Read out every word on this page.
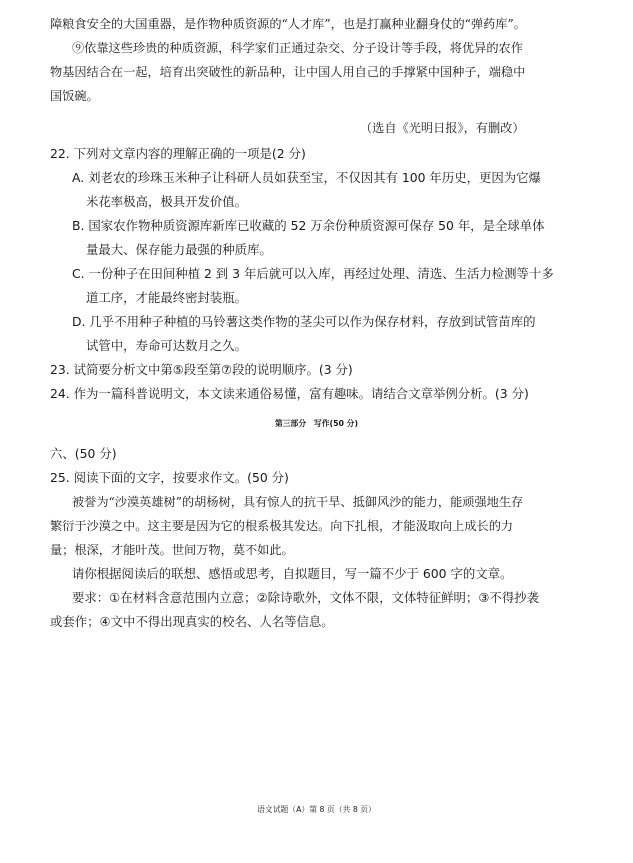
障粮食安全的大国重器，是作物种质资源的“人才库”，也是打赢种业翻身仗的“弹药库”。
⑨依靠这些珍贵的种质资源，科学家们正通过杂交、分子设计等手段，将优异的农作
物基因结合在一起，培育出突破性的新品种，让中国人用自己的手撑紧中国种子，端稳中
国饭碗。
（选自《光明日报》，有删改）
22. 下列对文章内容的理解正确的一项是(2 分)
A. 刘老农的珍珠玉米种子让科研人员如获至宝，不仅因其有 100 年历史，更因为它爆
米花率极高，极具开发价值。
B. 国家农作物种质资源库新库已收藏的 52 万余份种质资源可保存 50 年，是全球单体
量最大、保存能力最强的种质库。
C. 一份种子在田间种植 2 到 3 年后就可以入库，再经过处理、清选、生活力检测等十多
道工序，才能最终密封装瓶。
D. 几乎不用种子种植的马铃薯这类作物的茎尖可以作为保存材料，存放到试管苗库的
试管中，寿命可达数月之久。
23. 试简要分析文中第⑤段至第⑦段的说明顺序。(3 分)
24. 作为一篇科普说明文，本文读来通俗易懂，富有趣味。请结合文章举例分析。(3 分)
第三部分　写作(50 分)
六、(50 分)
25. 阅读下面的文字，按要求作文。(50 分)
被誉为“沙漠英雄树”的胡杨树，具有惊人的抗干旱、抵御风沙的能力，能顽强地生存
繁衍于沙漠之中。这主要是因为它的根系极其发达。向下扎根，才能汲取向上成长的力
量；根深，才能叶茂。世间万物，莫不如此。
请你根据阅读后的联想、感悟或思考，自拟题目，写一篇不少于 600 字的文章。
要求：①在材料含意范围内立意；②除诗歌外，文体不限，文体特征鲜明；③不得抄袭
或套作；④文中不得出现真实的校名、人名等信息。
语文试题（A）第 8 页（共 8 页）
